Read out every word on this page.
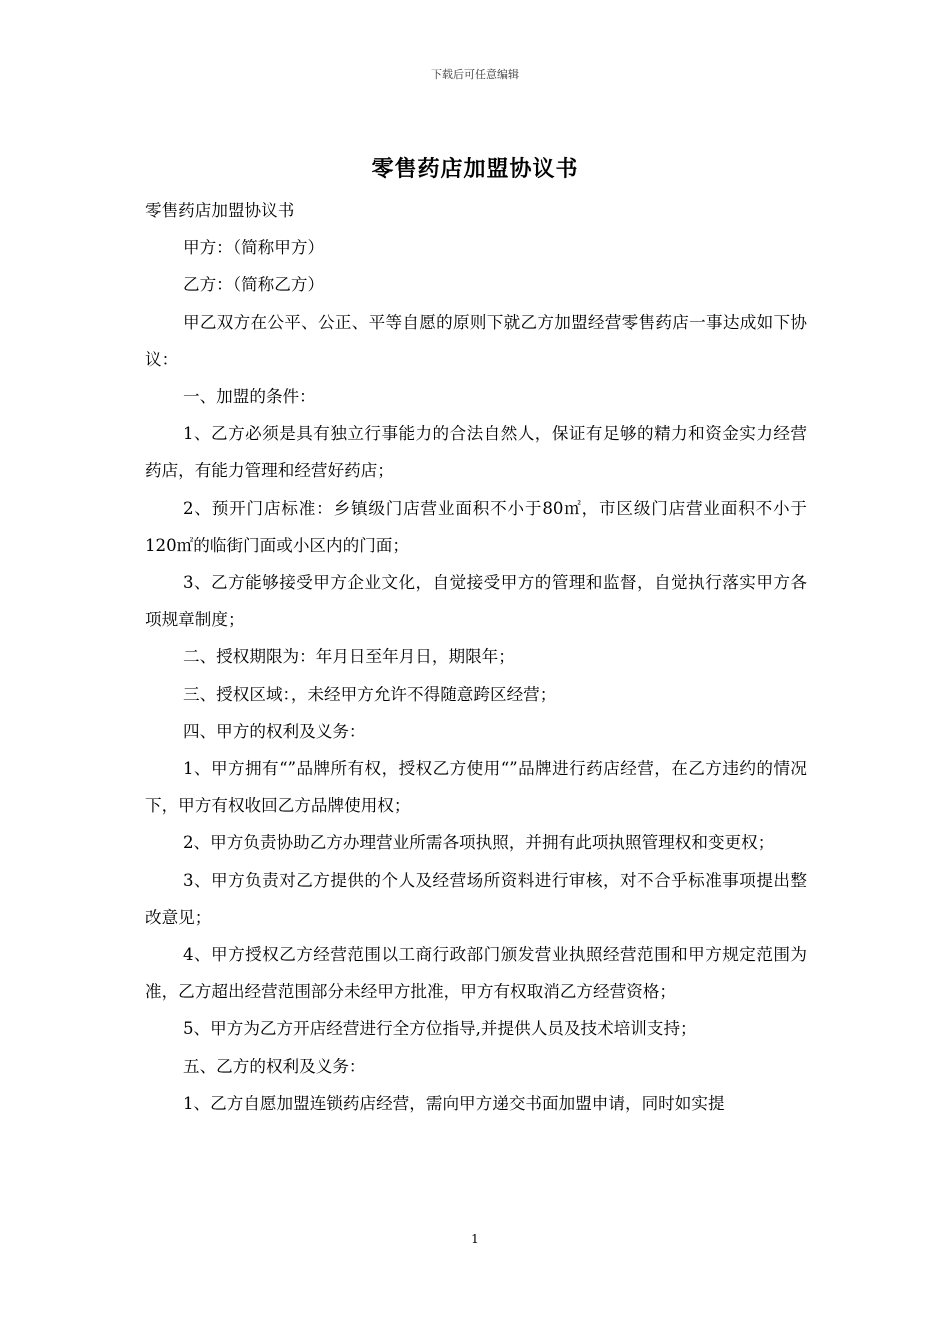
下载后可任意编辑
零售药店加盟协议书

零售药店加盟协议书

甲方：（简称甲方）

乙方：（简称乙方）

甲乙双方在公平、公正、平等自愿的原则下就乙方加盟经营零售药店一事达成如下协议：

一、加盟的条件：

1、乙方必须是具有独立行事能力的合法自然人，保证有足够的精力和资金实力经营药店，有能力管理和经营好药店；

2、预开门店标准：乡镇级门店营业面积不小于80㎡，市区级门店营业面积不小于120㎡的临街门面或小区内的门面；

3、乙方能够接受甲方企业文化，自觉接受甲方的管理和监督，自觉执行落实甲方各项规章制度；

二、授权期限为：年月日至年月日，期限年；

三、授权区域：，未经甲方允许不得随意跨区经营；

四、甲方的权利及义务：

1、甲方拥有“”品牌所有权，授权乙方使用“”品牌进行药店经营，在乙方违约的情况下，甲方有权收回乙方品牌使用权；

2、甲方负责协助乙方办理营业所需各项执照，并拥有此项执照管理权和变更权；

3、甲方负责对乙方提供的个人及经营场所资料进行审核，对不合乎标准事项提出整改意见；

4、甲方授权乙方经营范围以工商行政部门颁发营业执照经营范围和甲方规定范围为准，乙方超出经营范围部分未经甲方批准，甲方有权取消乙方经营资格；

5、甲方为乙方开店经营进行全方位指导,并提供人员及技术培训支持；

五、乙方的权利及义务：

1、乙方自愿加盟连锁药店经营，需向甲方递交书面加盟申请，同时如实提

1
